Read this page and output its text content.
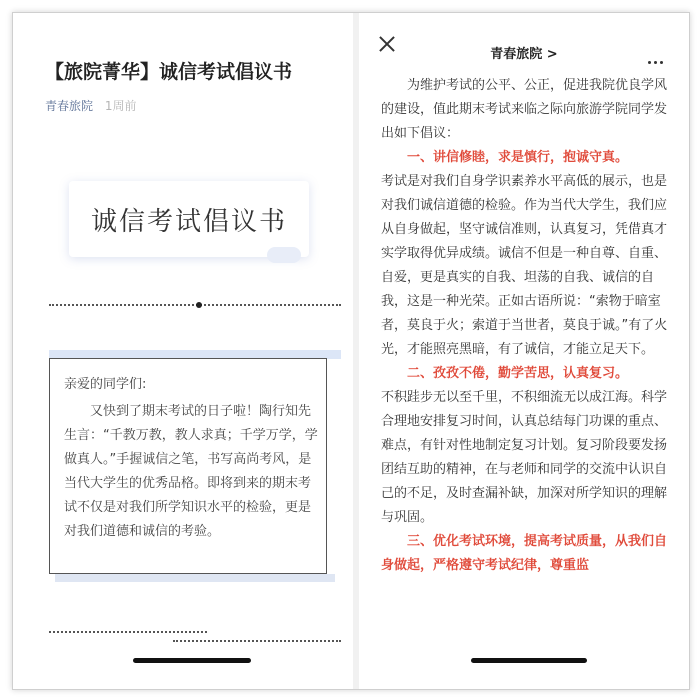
【旅院菁华】诚信考试倡议书
青春旅院 1周前
诚信考试倡议书

亲爱的同学们:

又快到了期末考试的日子啦！陶行知先生言：“千教万教，教人求真；千学万学，学做真人。”手握诚信之笔，书写高尚考风，是当代大学生的优秀品格。即将到来的期末考试不仅是对我们所学知识水平的检验，更是对我们道德和诚信的考验。

青春旅院 >

为维护考试的公平、公正，促进我院优良学风的建设，值此期末考试来临之际向旅游学院同学发出如下倡议：

一、讲信修睦，求是慎行，抱诚守真。

考试是对我们自身学识素养水平高低的展示，也是对我们诚信道德的检验。作为当代大学生，我们应从自身做起，坚守诚信准则，认真复习，凭借真才实学取得优异成绩。诚信不但是一种自尊、自重、自爱，更是真实的自我、坦荡的自我、诚信的自我，这是一种光荣。正如古语所说：“索物于暗室者，莫良于火；索道于当世者，莫良于诚。”有了火光，才能照亮黑暗，有了诚信，才能立足天下。

二、孜孜不倦，勤学苦思，认真复习。

不积跬步无以至千里，不积细流无以成江海。科学合理地安排复习时间，认真总结每门功课的重点、难点，有针对性地制定复习计划。复习阶段要发扬团结互助的精神，在与老师和同学的交流中认识自己的不足，及时查漏补缺，加深对所学知识的理解与巩固。

三、优化考试环境，提高考试质量，从我们自身做起，严格遵守考试纪律，尊重监
